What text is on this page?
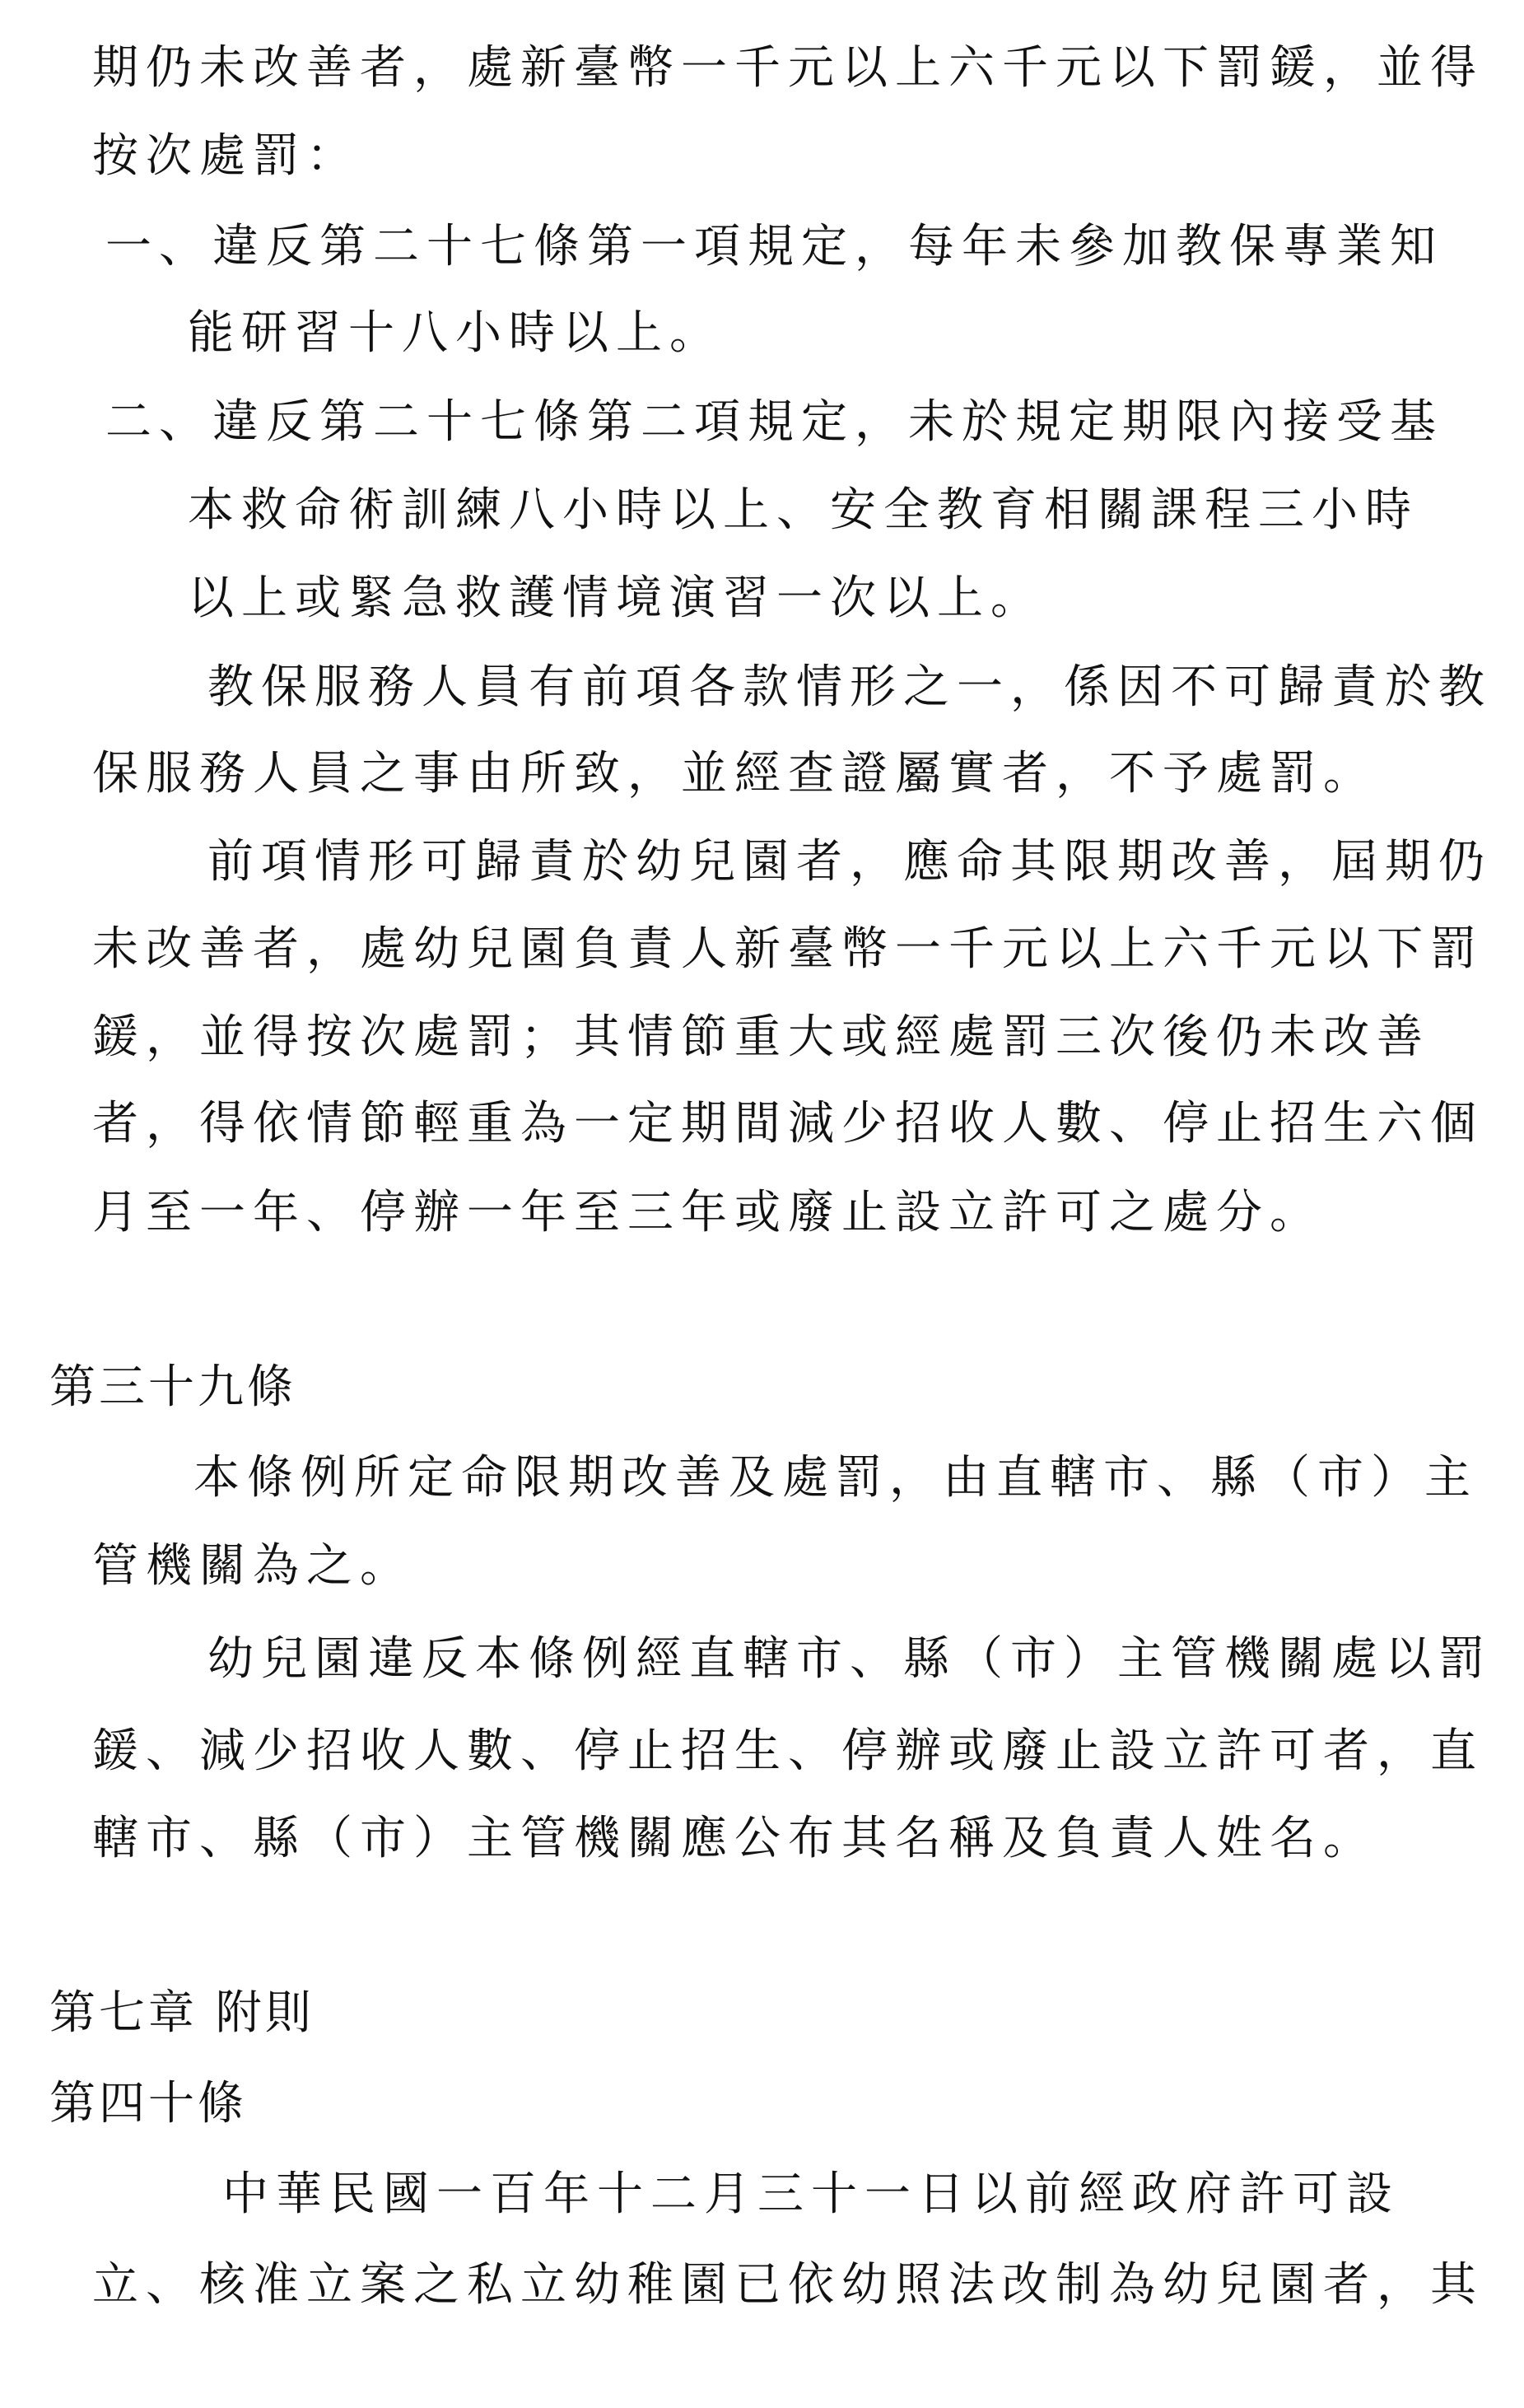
期仍未改善者，處新臺幣一千元以上六千元以下罰鍰，並得
按次處罰：
一、違反第二十七條第一項規定，每年未參加教保專業知
能研習十八小時以上。
二、違反第二十七條第二項規定，未於規定期限內接受基
本救命術訓練八小時以上、安全教育相關課程三小時
以上或緊急救護情境演習一次以上。
教保服務人員有前項各款情形之一，係因不可歸責於教
保服務人員之事由所致，並經查證屬實者，不予處罰。
前項情形可歸責於幼兒園者，應命其限期改善，屆期仍
未改善者，處幼兒園負責人新臺幣一千元以上六千元以下罰
鍰，並得按次處罰；其情節重大或經處罰三次後仍未改善
者，得依情節輕重為一定期間減少招收人數、停止招生六個
月至一年、停辦一年至三年或廢止設立許可之處分。
第三十九條
本條例所定命限期改善及處罰，由直轄市、縣（市）主
管機關為之。
幼兒園違反本條例經直轄市、縣（市）主管機關處以罰
鍰、減少招收人數、停止招生、停辦或廢止設立許可者，直
轄市、縣（市）主管機關應公布其名稱及負責人姓名。
第七章 附則
第四十條
中華民國一百年十二月三十一日以前經政府許可設
立、核准立案之私立幼稚園已依幼照法改制為幼兒園者，其
